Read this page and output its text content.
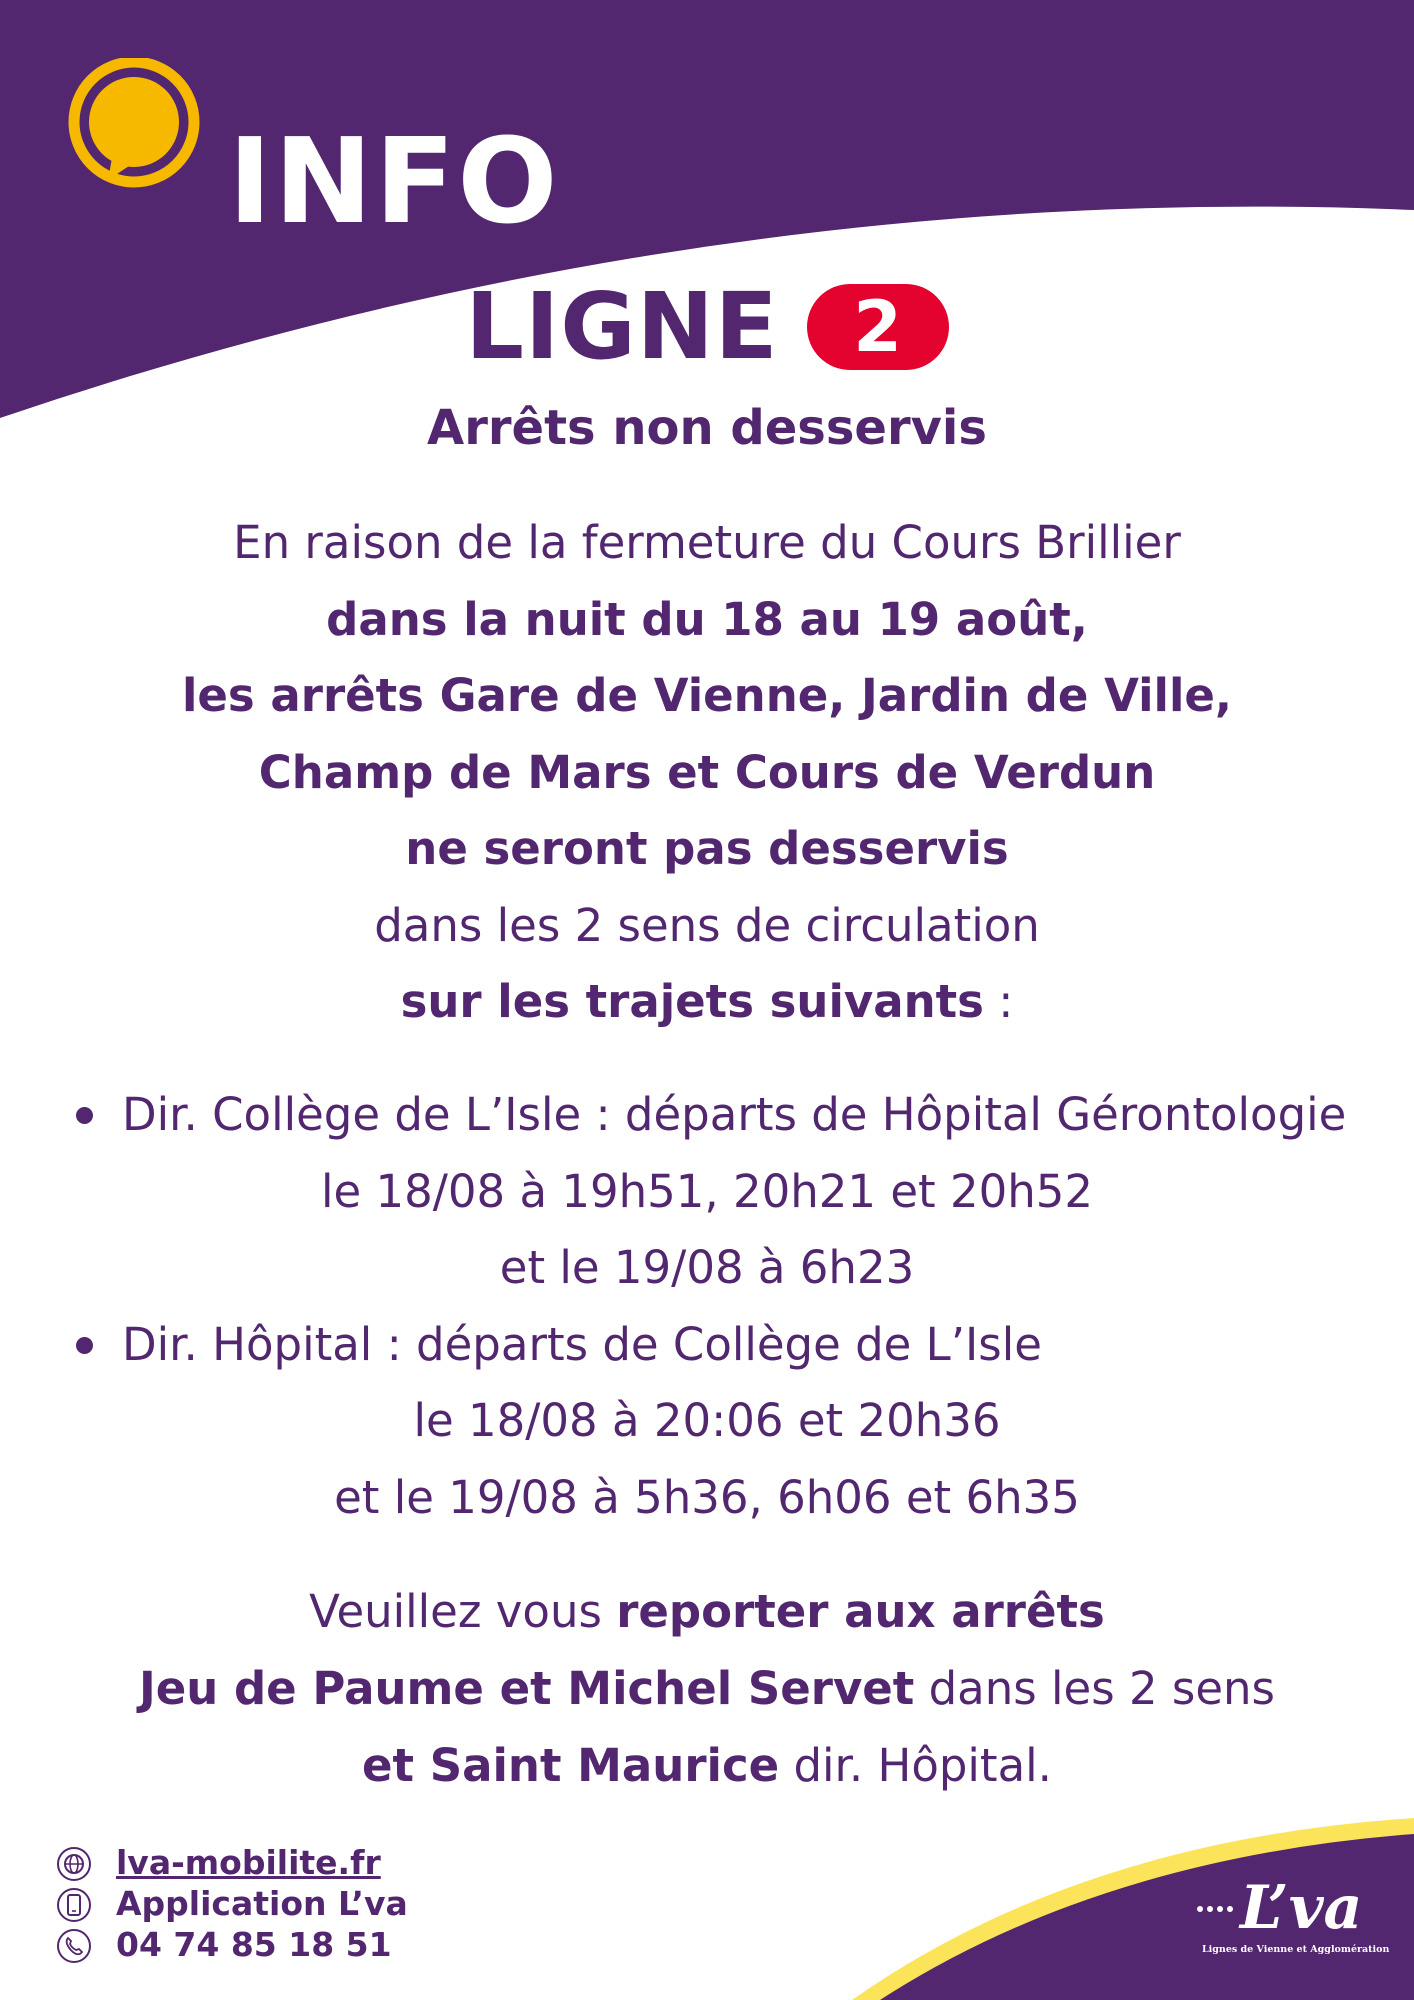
INFO
LIGNE	2
Arrêts non desservis
En raison de la fermeture du Cours Brillier
dans la nuit du 18 au 19 août,
les arrêts Gare de Vienne, Jardin de Ville,
Champ de Mars et Cours de Verdun
ne seront pas desservis
dans les 2 sens de circulation
sur les trajets suivants :
Dir. Collège de L’Isle : départs de Hôpital Gérontologie
le 18/08 à 19h51, 20h21 et 20h52
et le 19/08 à 6h23
Dir. Hôpital : départs de Collège de L’Isle
le 18/08 à 20:06 et 20h36
et le 19/08 à 5h36, 6h06 et 6h35
Veuillez vous reporter aux arrêts
Jeu de Paume et Michel Servet dans les 2 sens
et Saint Maurice dir. Hôpital.
lva-mobilite.fr
Application L’va
04 74 85 18 51
L’va
Lignes de Vienne et Agglomération
